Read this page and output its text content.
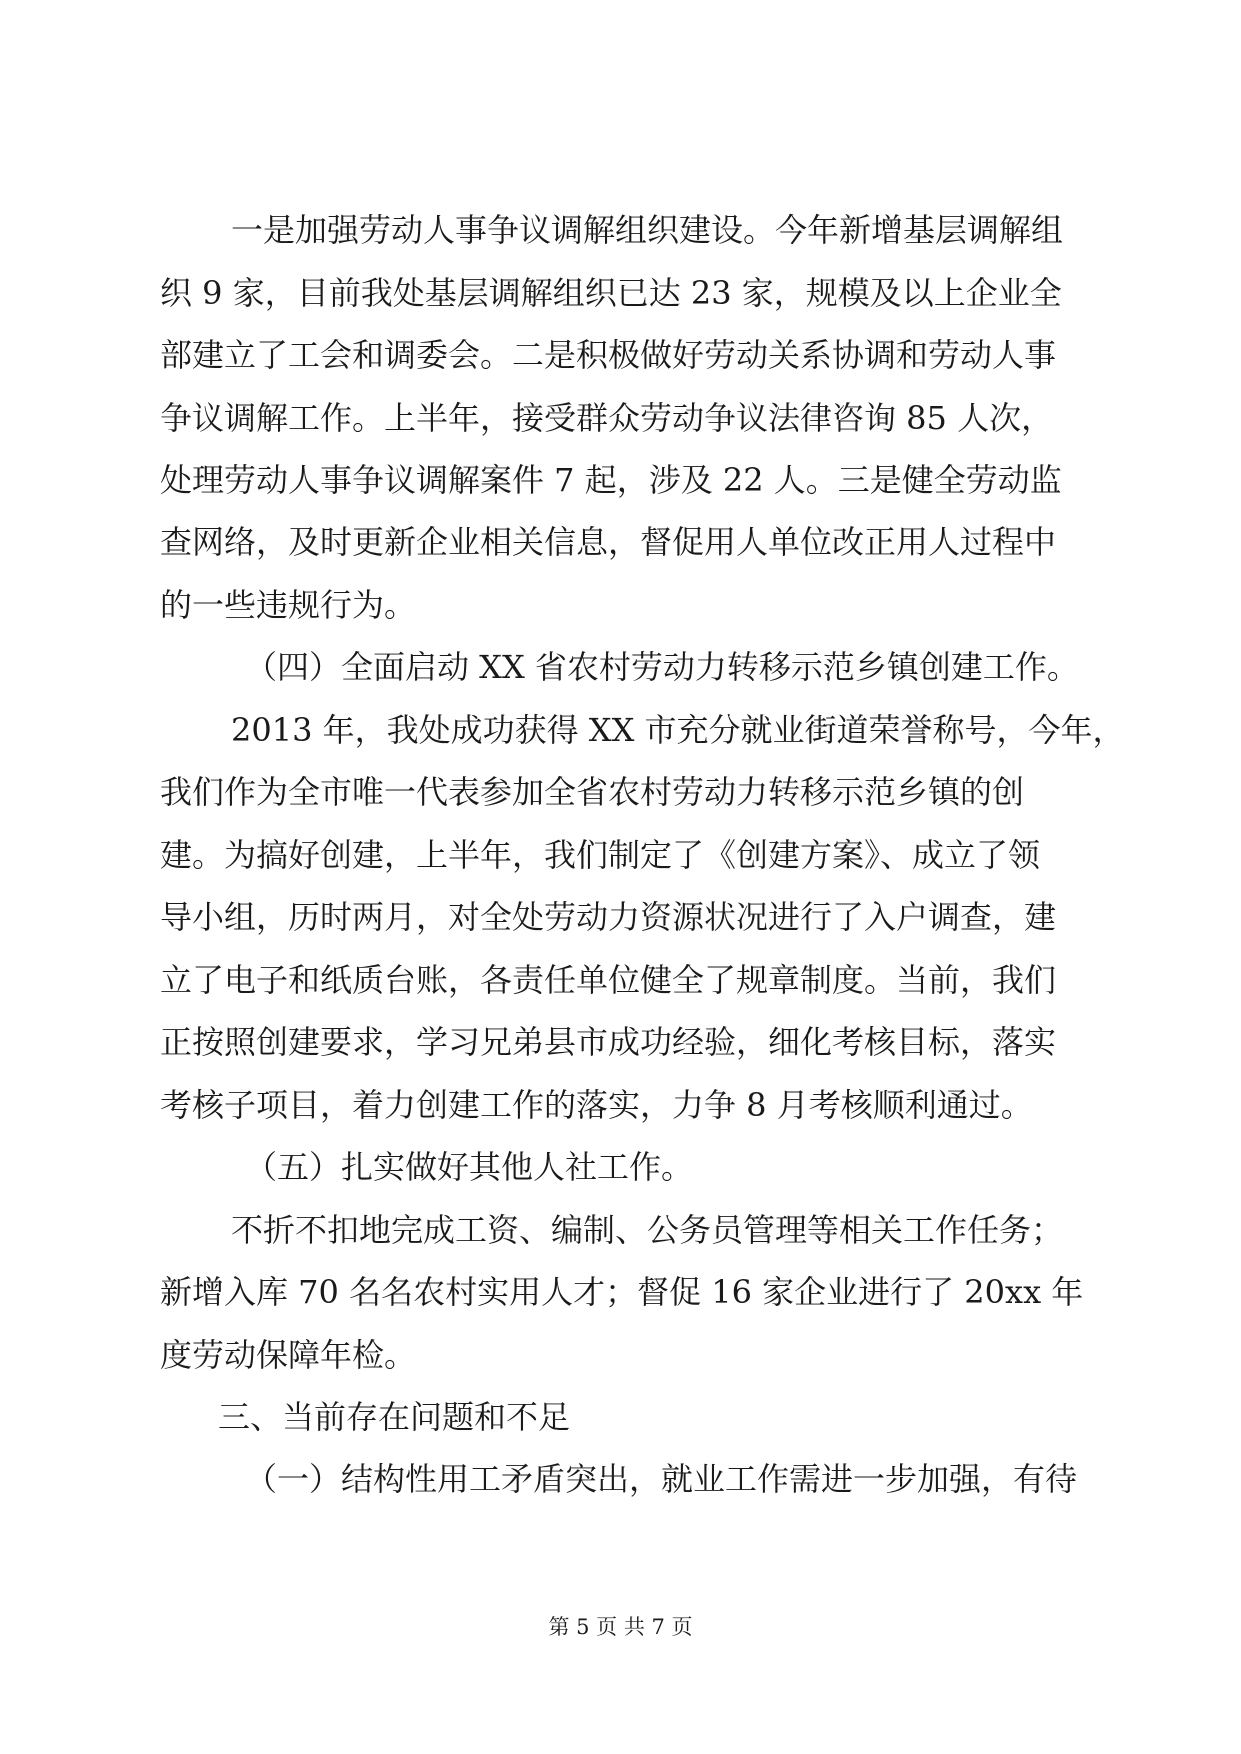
一是加强劳动人事争议调解组织建设。今年新增基层调解组
织 9 家，目前我处基层调解组织已达 23 家，规模及以上企业全
部建立了工会和调委会。二是积极做好劳动关系协调和劳动人事
争议调解工作。上半年，接受群众劳动争议法律咨询 85 人次，
处理劳动人事争议调解案件 7 起，涉及 22 人。三是健全劳动监
查网络，及时更新企业相关信息，督促用人单位改正用人过程中
的一些违规行为。
（四）全面启动 XX 省农村劳动力转移示范乡镇创建工作。
2013 年，我处成功获得 XX 市充分就业街道荣誉称号，今年，
我们作为全市唯一代表参加全省农村劳动力转移示范乡镇的创
建。为搞好创建，上半年，我们制定了《创建方案》、成立了领
导小组，历时两月，对全处劳动力资源状况进行了入户调查，建
立了电子和纸质台账，各责任单位健全了规章制度。当前，我们
正按照创建要求，学习兄弟县市成功经验，细化考核目标，落实
考核子项目，着力创建工作的落实，力争 8 月考核顺利通过。
（五）扎实做好其他人社工作。
不折不扣地完成工资、编制、公务员管理等相关工作任务；
新增入库 70 名名农村实用人才；督促 16 家企业进行了 20xx 年
度劳动保障年检。
三、当前存在问题和不足
（一）结构性用工矛盾突出，就业工作需进一步加强，有待
第 5 页 共 7 页
